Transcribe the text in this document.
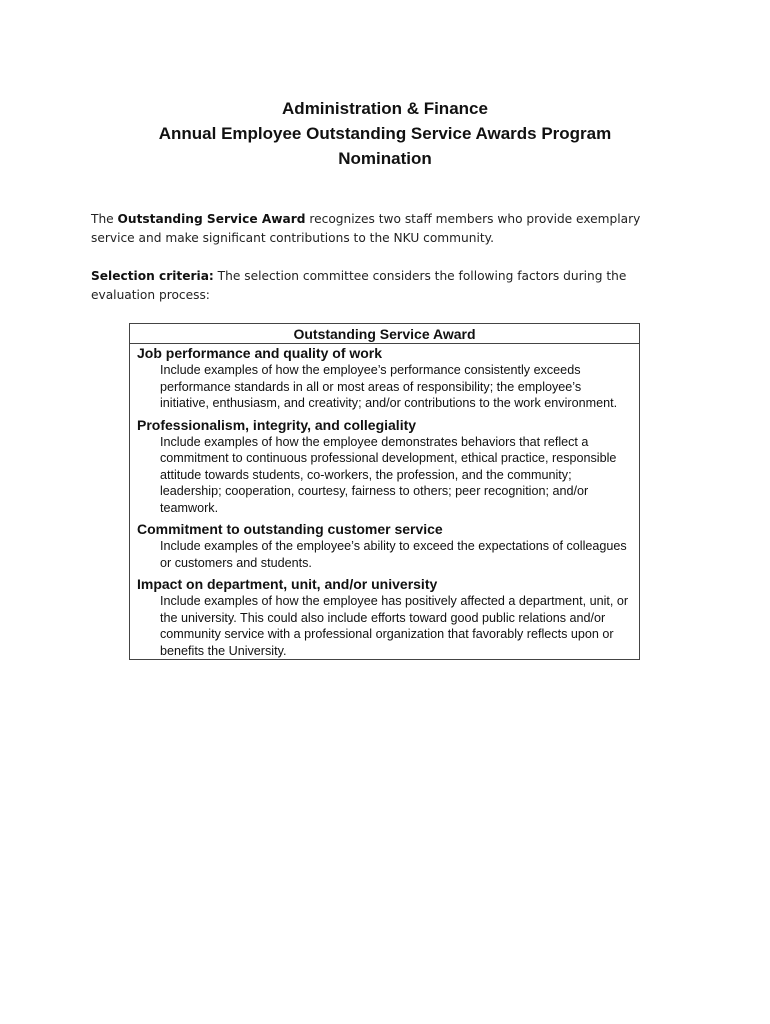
Administration & Finance
Annual Employee Outstanding Service Awards Program
Nomination

The Outstanding Service Award recognizes two staff members who provide exemplary service and make significant contributions to the NKU community.

Selection criteria: The selection committee considers the following factors during the evaluation process:

Outstanding Service Award
Job performance and quality of work
Include examples of how the employee’s performance consistently exceeds performance standards in all or most areas of responsibility; the employee’s initiative, enthusiasm, and creativity; and/or contributions to the work environment.
Professionalism, integrity, and collegiality
Include examples of how the employee demonstrates behaviors that reflect a commitment to continuous professional development, ethical practice, responsible attitude towards students, co-workers, the profession, and the community; leadership; cooperation, courtesy, fairness to others; peer recognition; and/or teamwork.
Commitment to outstanding customer service
Include examples of the employee’s ability to exceed the expectations of colleagues or customers and students.
Impact on department, unit, and/or university
Include examples of how the employee has positively affected a department, unit, or the university. This could also include efforts toward good public relations and/or community service with a professional organization that favorably reflects upon or benefits the University.
